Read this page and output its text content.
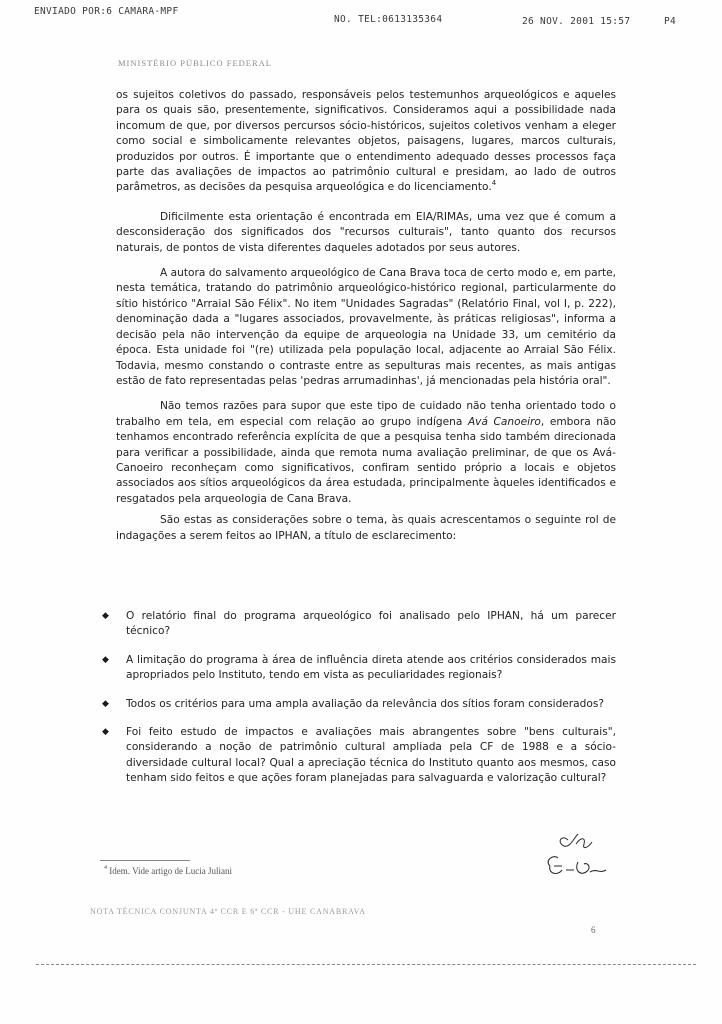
ENVIADO POR:6 CAMARA-MPF
NO. TEL:0613135364	26 NOV. 2001 15:57	P4
MINISTÉRIO PÚBLICO FEDERAL

os sujeitos coletivos do passado, responsáveis pelos testemunhos arqueológicos e aqueles para os quais são, presentemente, significativos. Consideramos aqui a possibilidade nada incomum de que, por diversos percursos sócio-históricos, sujeitos coletivos venham a eleger como social e simbolicamente relevantes objetos, paisagens, lugares, marcos culturais, produzidos por outros. É importante que o entendimento adequado desses processos faça parte das avaliações de impactos ao patrimônio cultural e presidam, ao lado de outros parâmetros, as decisões da pesquisa arqueológica e do licenciamento.$^4$

Dificilmente esta orientação é encontrada em EIA/RIMAs, uma vez que é comum a desconsideração dos significados dos "recursos culturais", tanto quanto dos recursos naturais, de pontos de vista diferentes daqueles adotados por seus autores.

A autora do salvamento arqueológico de Cana Brava toca de certo modo e, em parte, nesta temática, tratando do patrimônio arqueológico-histórico regional, particularmente do sítio histórico "Arraial São Félix". No item "Unidades Sagradas" (Relatório Final, vol I, p. 222), denominação dada a "lugares associados, provavelmente, às práticas religiosas", informa a decisão pela não intervenção da equipe de arqueologia na Unidade 33, um cemitério da época. Esta unidade foi "(re) utilizada pela população local, adjacente ao Arraial São Félix. Todavia, mesmo constando o contraste entre as sepulturas mais recentes, as mais antigas estão de fato representadas pelas 'pedras arrumadinhas', já mencionadas pela história oral".

Não temos razões para supor que este tipo de cuidado não tenha orientado todo o trabalho em tela, em especial com relação ao grupo indígena Avá Canoeiro, embora não tenhamos encontrado referência explícita de que a pesquisa tenha sido também direcionada para verificar a possibilidade, ainda que remota numa avaliação preliminar, de que os Avá-Canoeiro reconheçam como significativos, confiram sentido próprio a locais e objetos associados aos sítios arqueológicos da área estudada, principalmente àqueles identificados e resgatados pela arqueologia de Cana Brava.

São estas as considerações sobre o tema, às quais acrescentamos o seguinte rol de indagações a serem feitos ao IPHAN, a título de esclarecimento:

◆ O relatório final do programa arqueológico foi analisado pelo IPHAN, há um parecer técnico?

◆ A limitação do programa à área de influência direta atende aos critérios considerados mais apropriados pelo Instituto, tendo em vista as peculiaridades regionais?

◆ Todos os critérios para uma ampla avaliação da relevância dos sítios foram considerados?

◆ Foi feito estudo de impactos e avaliações mais abrangentes sobre "bens culturais", considerando a noção de patrimônio cultural ampliada pela CF de 1988 e a sócio-diversidade cultural local? Qual a apreciação técnica do Instituto quanto aos mesmos, caso tenham sido feitos e que ações foram planejadas para salvaguarda e valorização cultural?

$^4$ Idem. Vide artigo de Lucia Juliani
NOTA TÉCNICA CONJUNTA 4ª CCR E 6ª CCR - UHE CANABRAVA
6
